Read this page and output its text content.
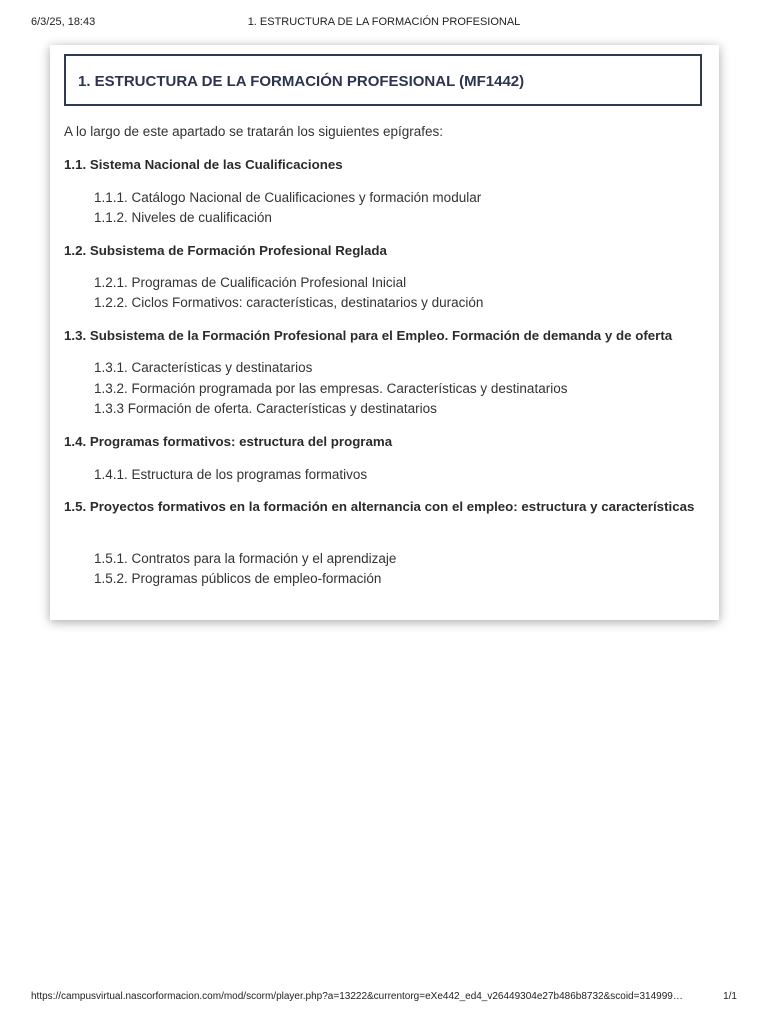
6/3/25, 18:43	1. ESTRUCTURA DE LA FORMACIÓN PROFESIONAL
1. ESTRUCTURA DE LA FORMACIÓN PROFESIONAL (MF1442)

A lo largo de este apartado se tratarán los siguientes epígrafes:

1.1. Sistema Nacional de las Cualificaciones
1.1.1. Catálogo Nacional de Cualificaciones y formación modular
1.1.2. Niveles de cualificación
1.2. Subsistema de Formación Profesional Reglada
1.2.1. Programas de Cualificación Profesional Inicial
1.2.2. Ciclos Formativos: características, destinatarios y duración
1.3. Subsistema de la Formación Profesional para el Empleo. Formación de demanda y de oferta
1.3.1. Características y destinatarios
1.3.2. Formación programada por las empresas. Características y destinatarios
1.3.3 Formación de oferta. Características y destinatarios
1.4. Programas formativos: estructura del programa
1.4.1. Estructura de los programas formativos
1.5. Proyectos formativos en la formación en alternancia con el empleo: estructura y características
1.5.1. Contratos para la formación y el aprendizaje
1.5.2. Programas públicos de empleo-formación
https://campusvirtual.nascorformacion.com/mod/scorm/player.php?a=13222&currentorg=eXe442_ed4_v26449304e27b486b8732&scoid=314999…	1/1
